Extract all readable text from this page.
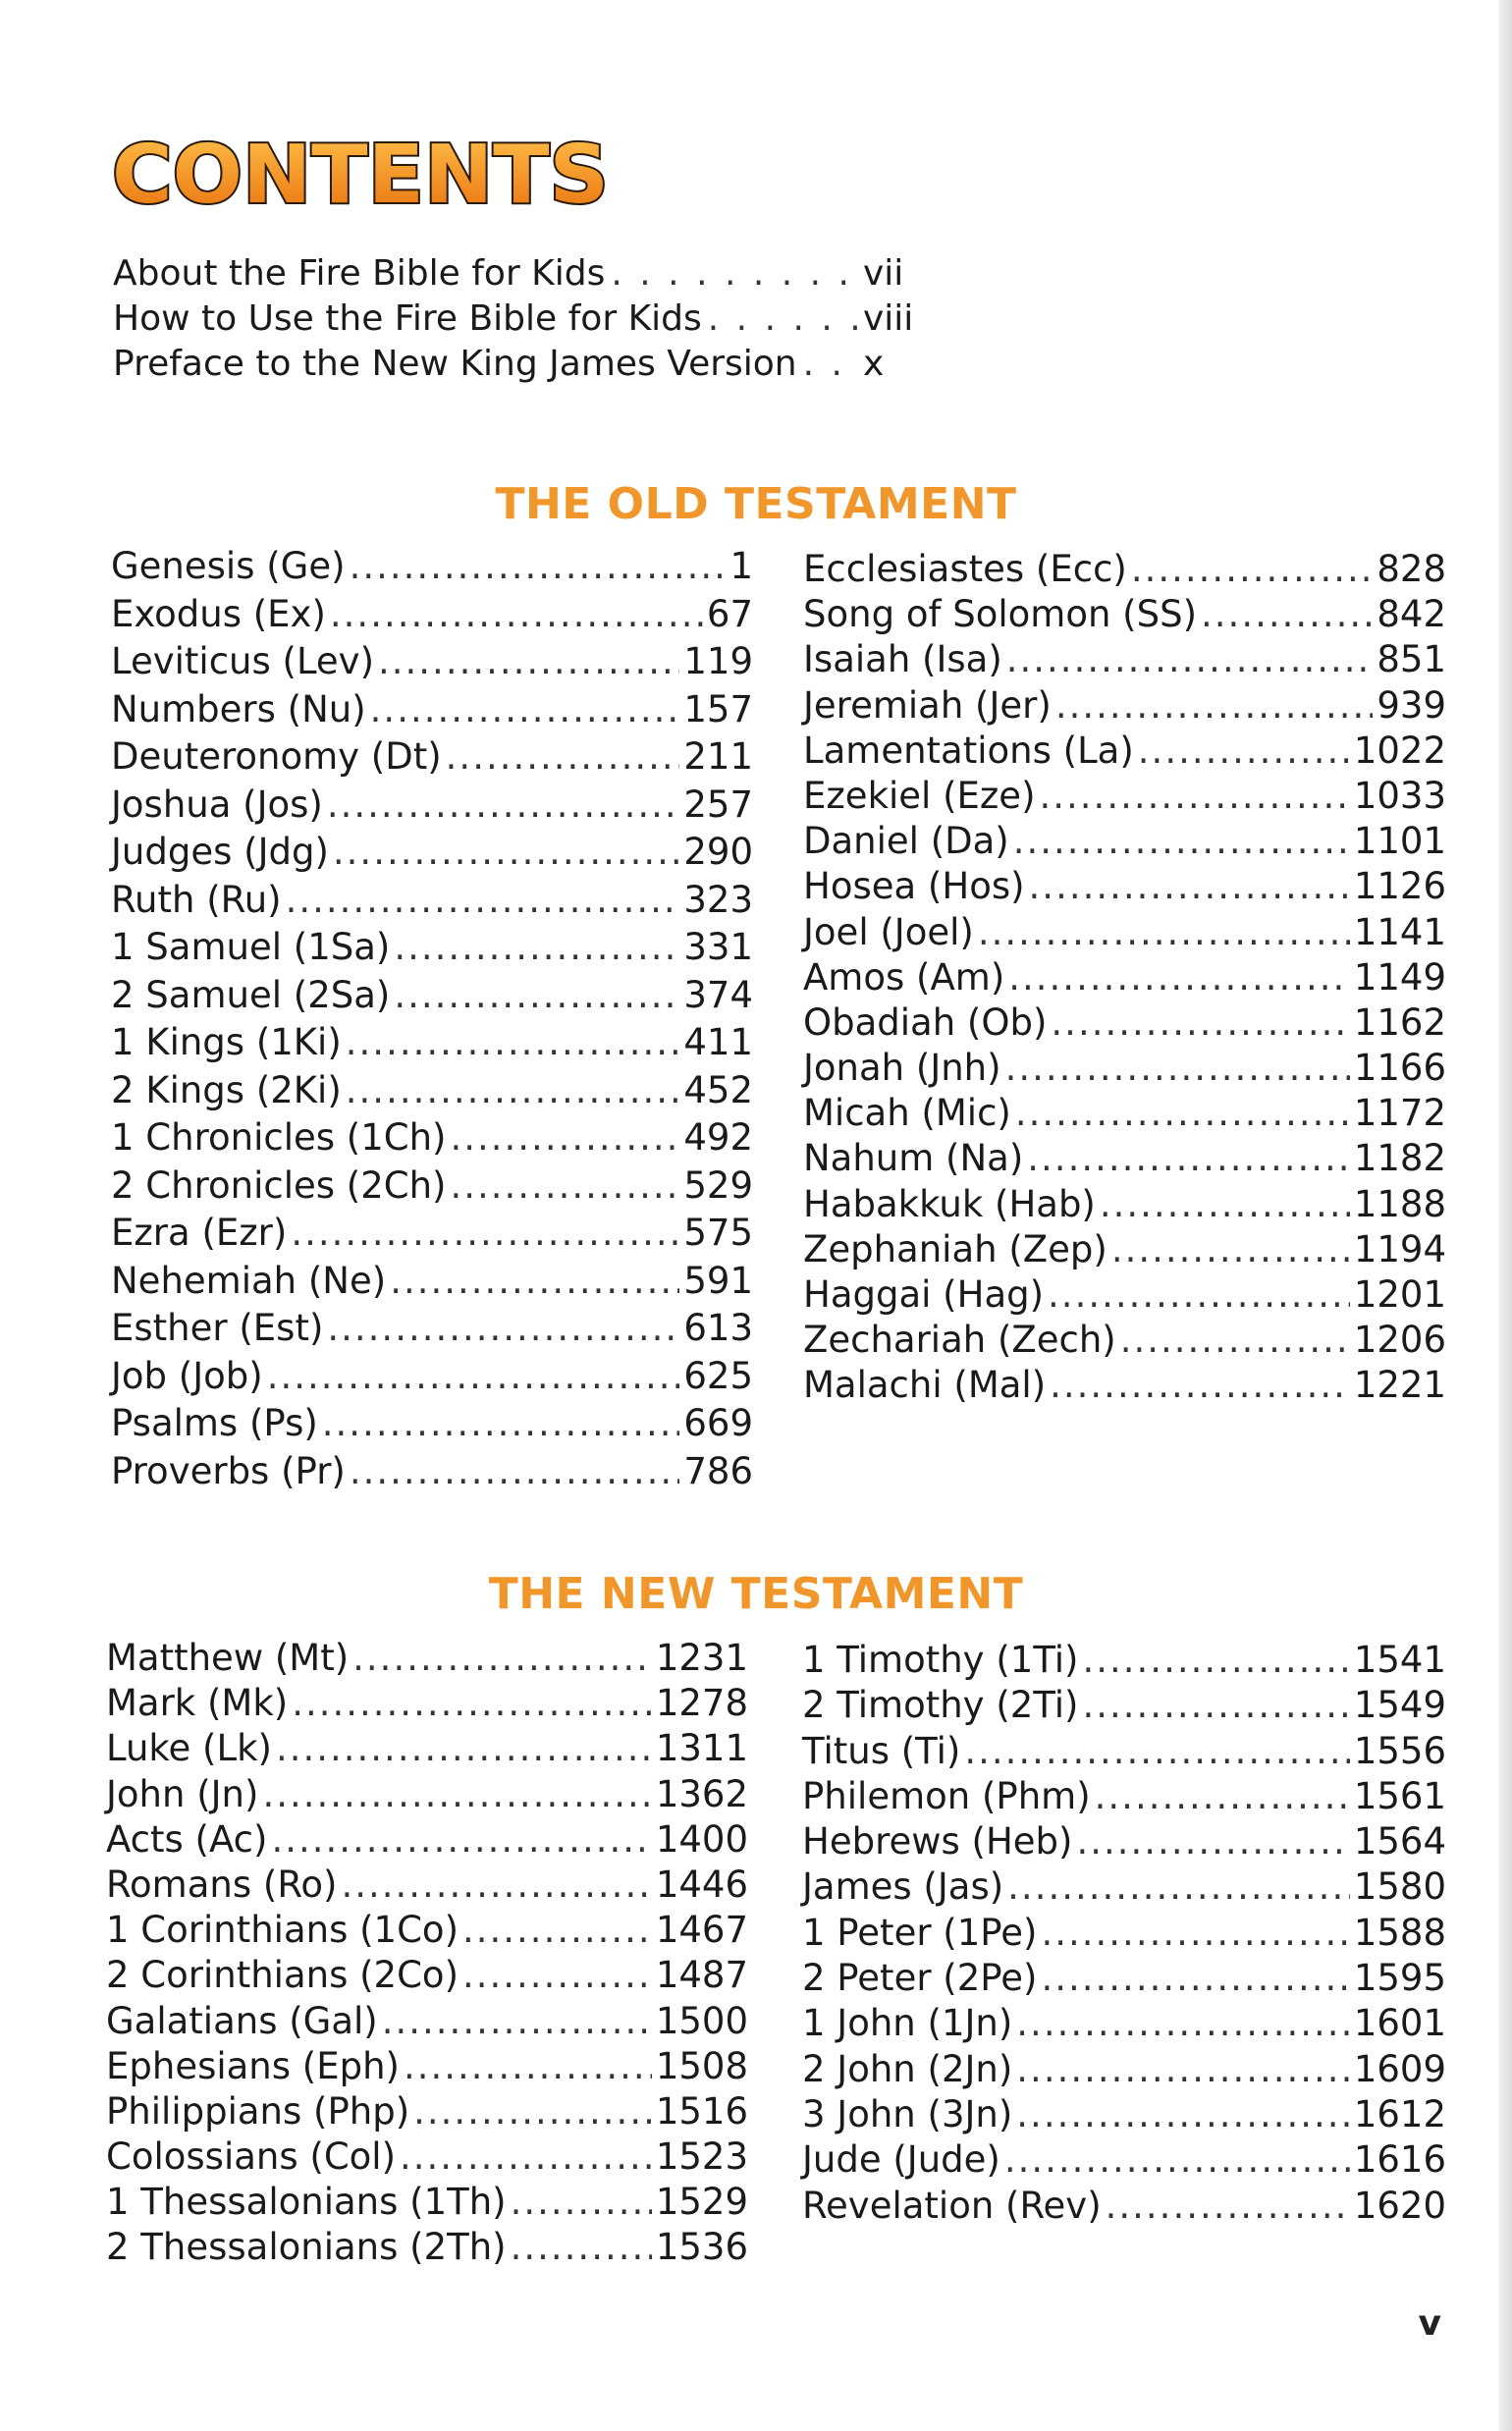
CONTENTS
About the Fire Bible for Kids . . .	vii
How to Use the Fire Bible for Kids . . .	viii
Preface to the New King James Version . . . x
THE OLD TESTAMENT
Genesis (Ge) .....	1
Exodus (Ex) .....	67
Leviticus (Lev) .....	119
Numbers (Nu) .....	157
Deuteronomy (Dt) .....	211
Joshua (Jos) .....	257
Judges (Jdg) .....	290
Ruth (Ru) .....	323
1 Samuel (1Sa) .....	331
2 Samuel (2Sa) .....	374
1 Kings (1Ki) .....	411
2 Kings (2Ki) .....	452
1 Chronicles (1Ch) .....	492
2 Chronicles (2Ch) .....	529
Ezra (Ezr) .....	575
Nehemiah (Ne) .....	591
Esther (Est) .....	613
Job (Job) .....	625
Psalms (Ps) .....	669
Proverbs (Pr) .....	786
Ecclesiastes (Ecc) .....	828
Song of Solomon (SS) .....	842
Isaiah (Isa) .....	851
Jeremiah (Jer) .....	939
Lamentations (La) .....	1022
Ezekiel (Eze) .....	1033
Daniel (Da) .....	1101
Hosea (Hos) .....	1126
Joel (Joel) .....	1141
Amos (Am) .....	1149
Obadiah (Ob) .....	1162
Jonah (Jnh) .....	1166
Micah (Mic) .....	1172
Nahum (Na) .....	1182
Habakkuk (Hab) .....	1188
Zephaniah (Zep) .....	1194
Haggai (Hag) .....	1201
Zechariah (Zech) .....	1206
Malachi (Mal) .....	1221
THE NEW TESTAMENT
Matthew (Mt) .....	1231
Mark (Mk) .....	1278
Luke (Lk) .....	1311
John (Jn) .....	1362
Acts (Ac) .....	1400
Romans (Ro) .....	1446
1 Corinthians (1Co) .....	1467
2 Corinthians (2Co) .....	1487
Galatians (Gal) .....	1500
Ephesians (Eph) .....	1508
Philippians (Php) .....	1516
Colossians (Col) .....	1523
1 Thessalonians (1Th) .....	1529
2 Thessalonians (2Th) .....	1536
1 Timothy (1Ti) .....	1541
2 Timothy (2Ti) .....	1549
Titus (Ti) .....	1556
Philemon (Phm) .....	1561
Hebrews (Heb) .....	1564
James (Jas) .....	1580
1 Peter (1Pe) .....	1588
2 Peter (2Pe) .....	1595
1 John (1Jn) .....	1601
2 John (2Jn) .....	1609
3 John (3Jn) .....	1612
Jude (Jude) .....	1616
Revelation (Rev) .....	1620
v
